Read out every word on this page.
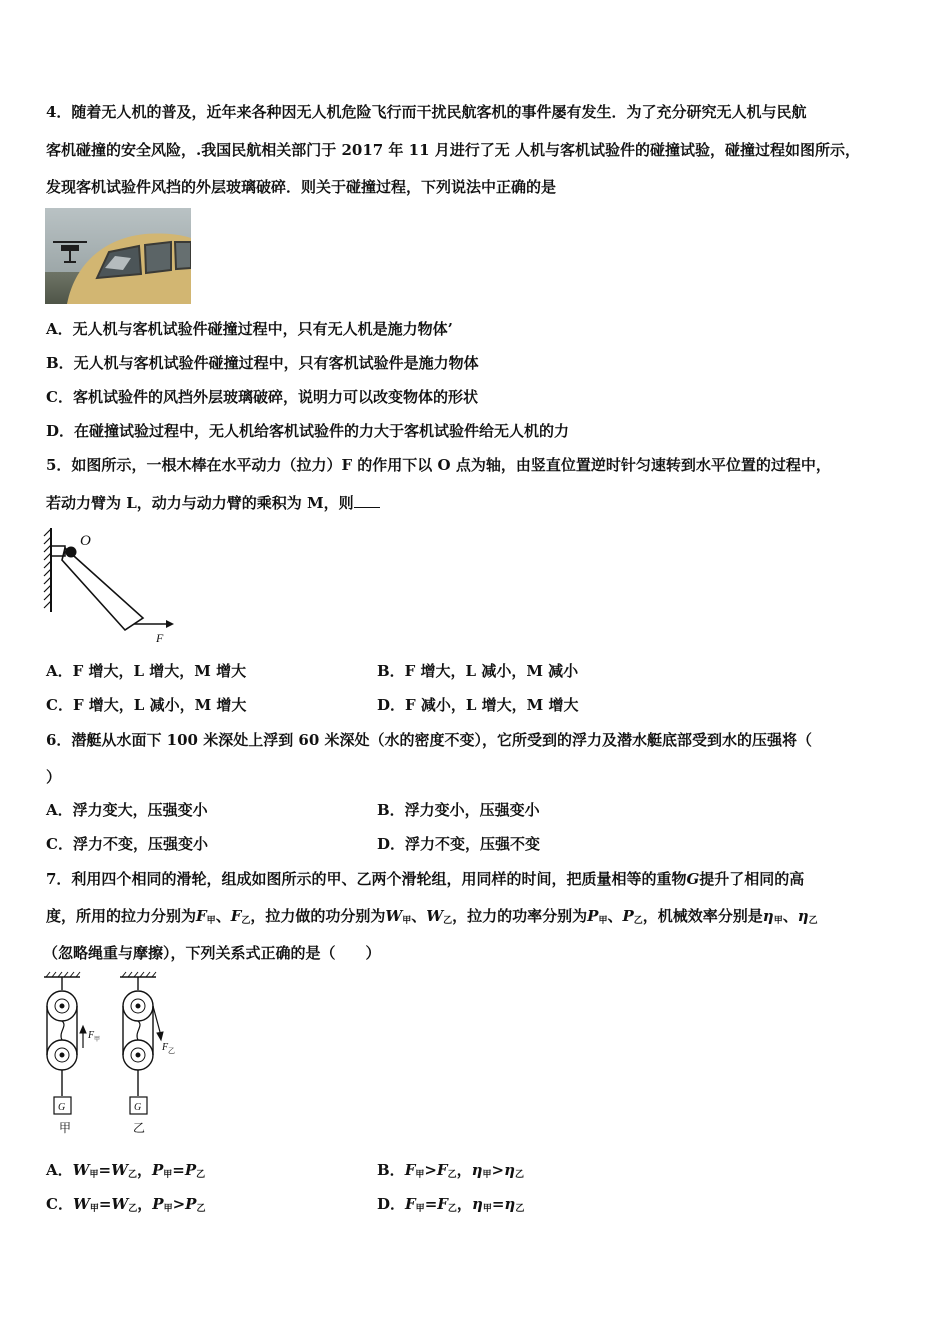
4．随着无人机的普及，近年来各种因无人机危险飞行而干扰民航客机的事件屡有发生．为了充分研究无人机与民航
客机碰撞的安全风险，.我国民航相关部门于 2017 年 11 月进行了无 人机与客机试验件的碰撞试验，碰撞过程如图所示，
发现客机试验件风挡的外层玻璃破碎．则关于碰撞过程，下列说法中正确的是
A．无人机与客机试验件碰撞过程中，只有无人机是施力物体’
B．无人机与客机试验件碰撞过程中，只有客机试验件是施力物体
C．客机试验件的风挡外层玻璃破碎，说明力可以改变物体的形状
D．在碰撞试验过程中，无人机给客机试验件的力大于客机试验件给无人机的力
5．如图所示，一根木棒在水平动力（拉力）F 的作用下以 O 点为轴，由竖直位置逆时针匀速转到水平位置的过程中，
若动力臂为 L，动力与动力臂的乘积为 M，则
O
F
A．F 增大，L 增大，M 增大	B．F 增大，L 减小，M 减小
C．F 增大，L 减小，M 增大	D．F 减小，L 增大，M 增大
6．潜艇从水面下 100 米深处上浮到 60 米深处（水的密度不变），它所受到的浮力及潜水艇底部受到水的压强将（
）
A．浮力变大，压强变小	B．浮力变小，压强变小
C．浮力不变，压强变小	D．浮力不变，压强不变
7．利用四个相同的滑轮，组成如图所示的甲、乙两个滑轮组，用同样的时间，把质量相等的重物G提升了相同的高
度，所用的拉力分别为$F_甲$、$F_乙$，拉力做的功分别为$W_甲$、$W_乙$，拉力的功率分别为$P_甲$、$P_乙$，机械效率分别是$\eta_甲$、$\eta_乙$
（忽略绳重与摩擦），下列关系式正确的是（　　）
G	G
F 甲
F 乙
甲	乙
A．$W_甲=W_乙$，$P_甲=P_乙$	B．$F_甲>F_乙$，$\eta_甲>\eta_乙$
C．$W_甲=W_乙$，$P_甲>P_乙$	D．$F_甲=F_乙$，$\eta_甲=\eta_乙$
